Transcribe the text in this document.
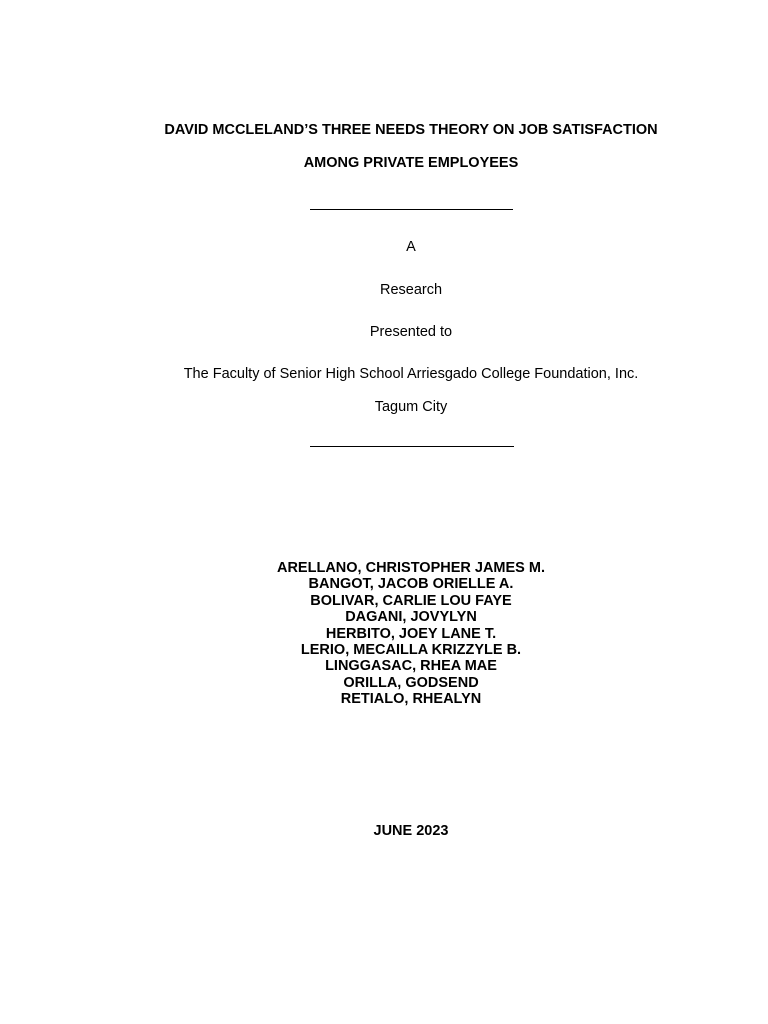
DAVID MCCLELAND’S THREE NEEDS THEORY ON JOB SATISFACTION
AMONG PRIVATE EMPLOYEES
A
Research
Presented to
The Faculty of Senior High School Arriesgado College Foundation, Inc.
Tagum City
ARELLANO, CHRISTOPHER JAMES M.
BANGOT, JACOB ORIELLE A.
BOLIVAR, CARLIE LOU FAYE
DAGANI, JOVYLYN
HERBITO, JOEY LANE T.
LERIO, MECAILLA KRIZZYLE B.
LINGGASAC, RHEA MAE
ORILLA, GODSEND
RETIALO, RHEALYN
JUNE 2023
